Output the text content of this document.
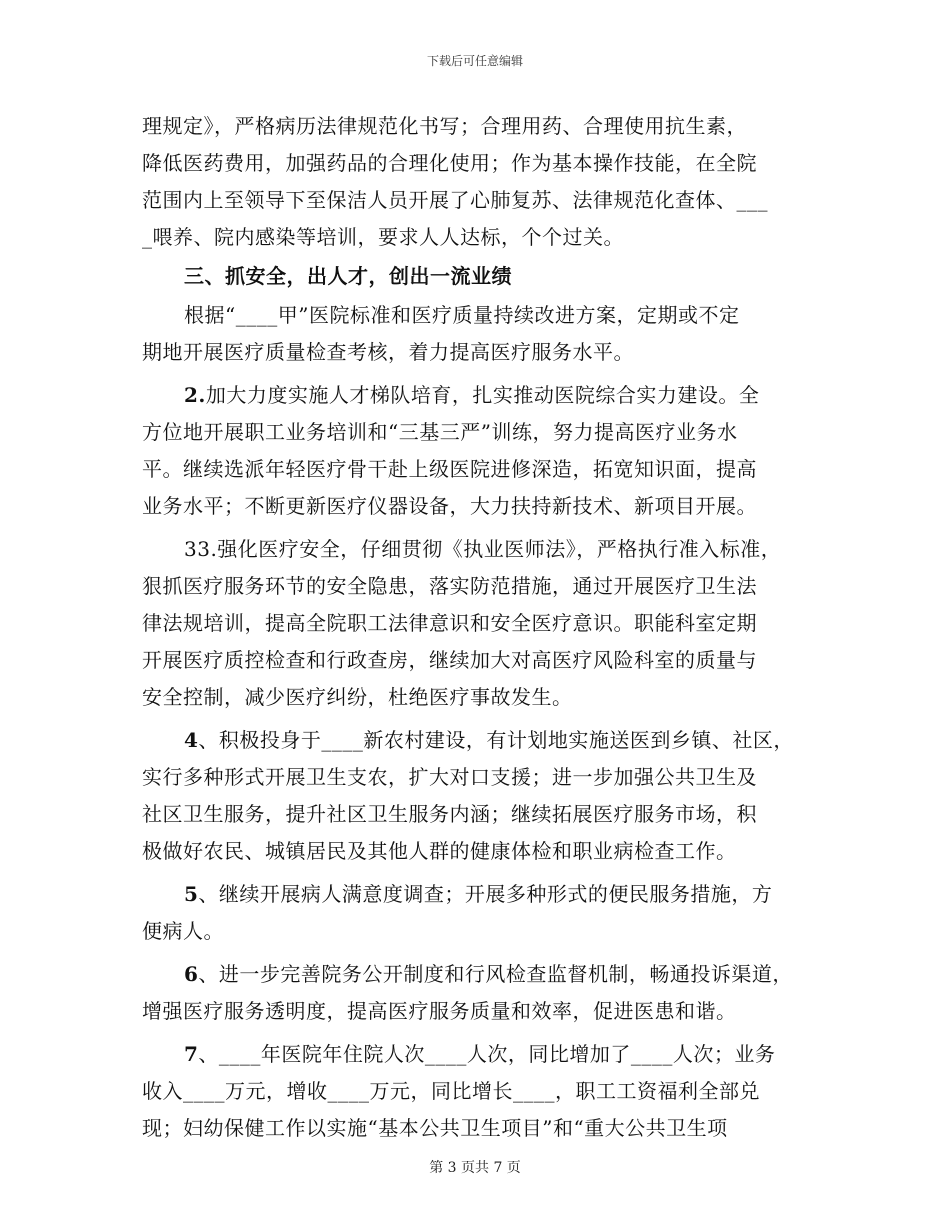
下载后可任意编辑

理规定》，严格病历法律规范化书写；合理用药、合理使用抗生素，
降低医药费用，加强药品的合理化使用；作为基本操作技能，在全院
范围内上至领导下至保洁人员开展了心肺复苏、法律规范化查体、___
_喂养、院内感染等培训，要求人人达标，个个过关。

三、抓安全，出人才，创出一流业绩

根据“____甲”医院标准和医疗质量持续改进方案，定期或不定
期地开展医疗质量检查考核，着力提高医疗服务水平。

2.加大力度实施人才梯队培育，扎实推动医院综合实力建设。全
方位地开展职工业务培训和“三基三严”训练，努力提高医疗业务水
平。继续选派年轻医疗骨干赴上级医院进修深造，拓宽知识面，提高
业务水平；不断更新医疗仪器设备，大力扶持新技术、新项目开展。

33.强化医疗安全，仔细贯彻《执业医师法》，严格执行准入标准，
狠抓医疗服务环节的安全隐患，落实防范措施，通过开展医疗卫生法
律法规培训，提高全院职工法律意识和安全医疗意识。职能科室定期
开展医疗质控检查和行政查房，继续加大对高医疗风险科室的质量与
安全控制，减少医疗纠纷，杜绝医疗事故发生。

4、积极投身于____新农村建设，有计划地实施送医到乡镇、社区，
实行多种形式开展卫生支农，扩大对口支援；进一步加强公共卫生及
社区卫生服务，提升社区卫生服务内涵；继续拓展医疗服务市场，积
极做好农民、城镇居民及其他人群的健康体检和职业病检查工作。

5、继续开展病人满意度调查；开展多种形式的便民服务措施，方
便病人。

6、进一步完善院务公开制度和行风检查监督机制，畅通投诉渠道，
增强医疗服务透明度，提高医疗服务质量和效率，促进医患和谐。

7、____年医院年住院人次____人次，同比增加了____人次；业务
收入____万元，增收____万元，同比增长____，职工工资福利全部兑
现；妇幼保健工作以实施“基本公共卫生项目”和“重大公共卫生项

第 3 页共 7 页
